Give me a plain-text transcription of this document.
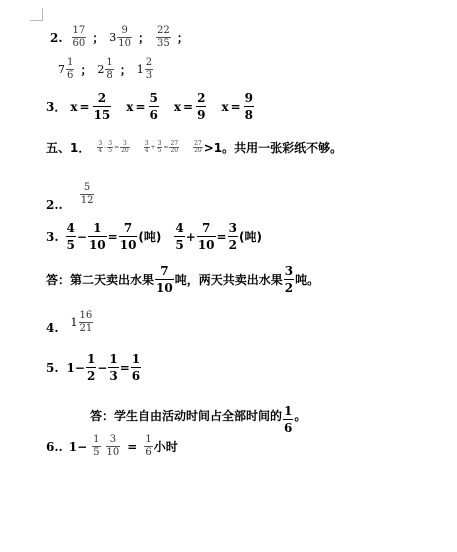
2. $\frac{17}{60}$ ； $3 \frac{9}{10}$ ； $\frac{22}{35}$ ；
$7 \frac{1}{6}$ ； $2 \frac{1}{8}$ ； $1 \frac{2}{3}$
3． $x = \frac{2}{15}$ $x = \frac{5}{6}$ $x = \frac{2}{9}$ $x = \frac{9}{8}$
五、1． $\frac{3}{4} - \frac{3}{5} = \frac{3}{20} \frac{3}{4} + \frac{3}{5} = \frac{27}{20} \frac{27}{20} >1$。共用一张彩纸不够。
2.. $\frac{5}{12}$
3. $\frac{4}{5} - \frac{1}{10} = \frac{7}{10}$ (吨) $\frac{4}{5} + \frac{7}{10} = \frac{3}{2}$ (吨)
答：第二天卖出水果 $\frac{7}{10}$ 吨，两天共卖出水果 $\frac{3}{2}$ 吨。
4. $1 \frac{16}{21}$
5. $1 - \frac{1}{2} - \frac{1}{3} = \frac{1}{6}$
答：学生自由活动时间占全部时间的 $\frac{1}{6}$ 。
6.. $1 - \frac{1}{5} \frac{3}{10} = \frac{1}{6}$ 小时
